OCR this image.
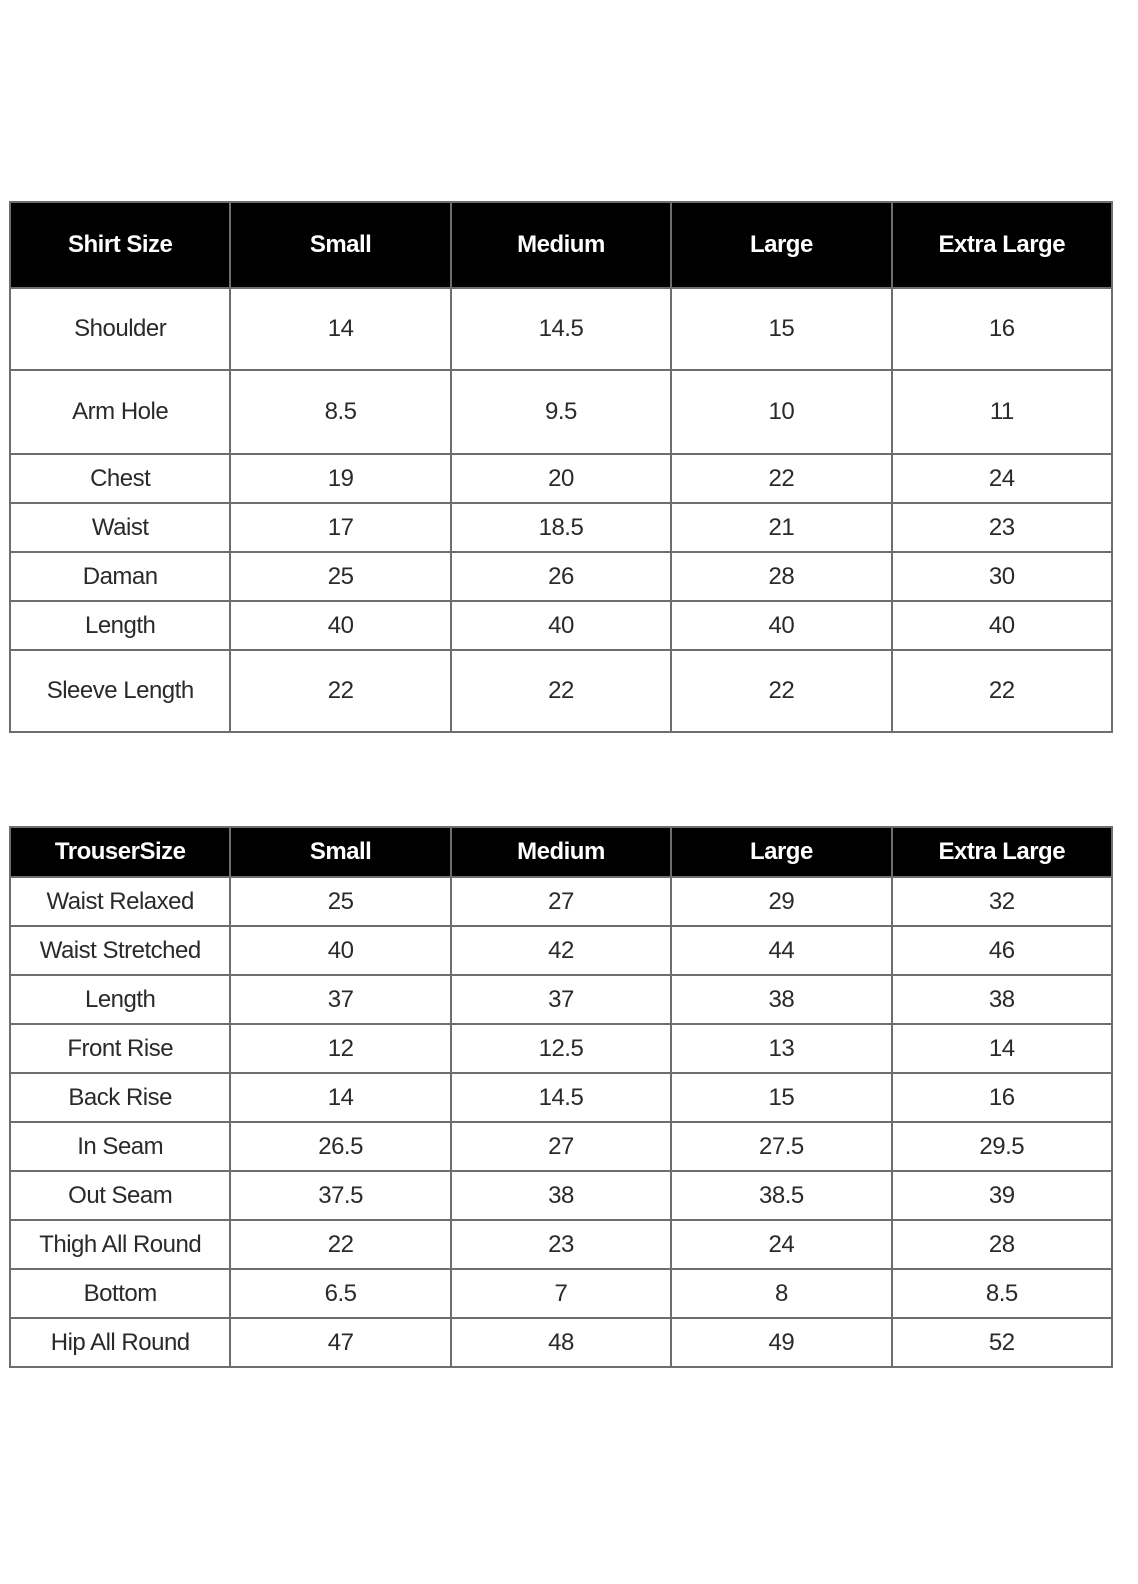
Shirt Size	Small	Medium	Large	Extra Large
Shoulder	14	14.5	15	16
Arm Hole	8.5	9.5	10	11
Chest	19	20	22	24
Waist	17	18.5	21	23
Daman	25	26	28	30
Length	40	40	40	40
Sleeve Length	22	22	22	22
TrouserSize	Small	Medium	Large	Extra Large
Waist Relaxed	25	27	29	32
Waist Stretched	40	42	44	46
Length	37	37	38	38
Front Rise	12	12.5	13	14
Back Rise	14	14.5	15	16
In Seam	26.5	27	27.5	29.5
Out Seam	37.5	38	38.5	39
Thigh All Round	22	23	24	28
Bottom	6.5	7	8	8.5
Hip All Round	47	48	49	52
